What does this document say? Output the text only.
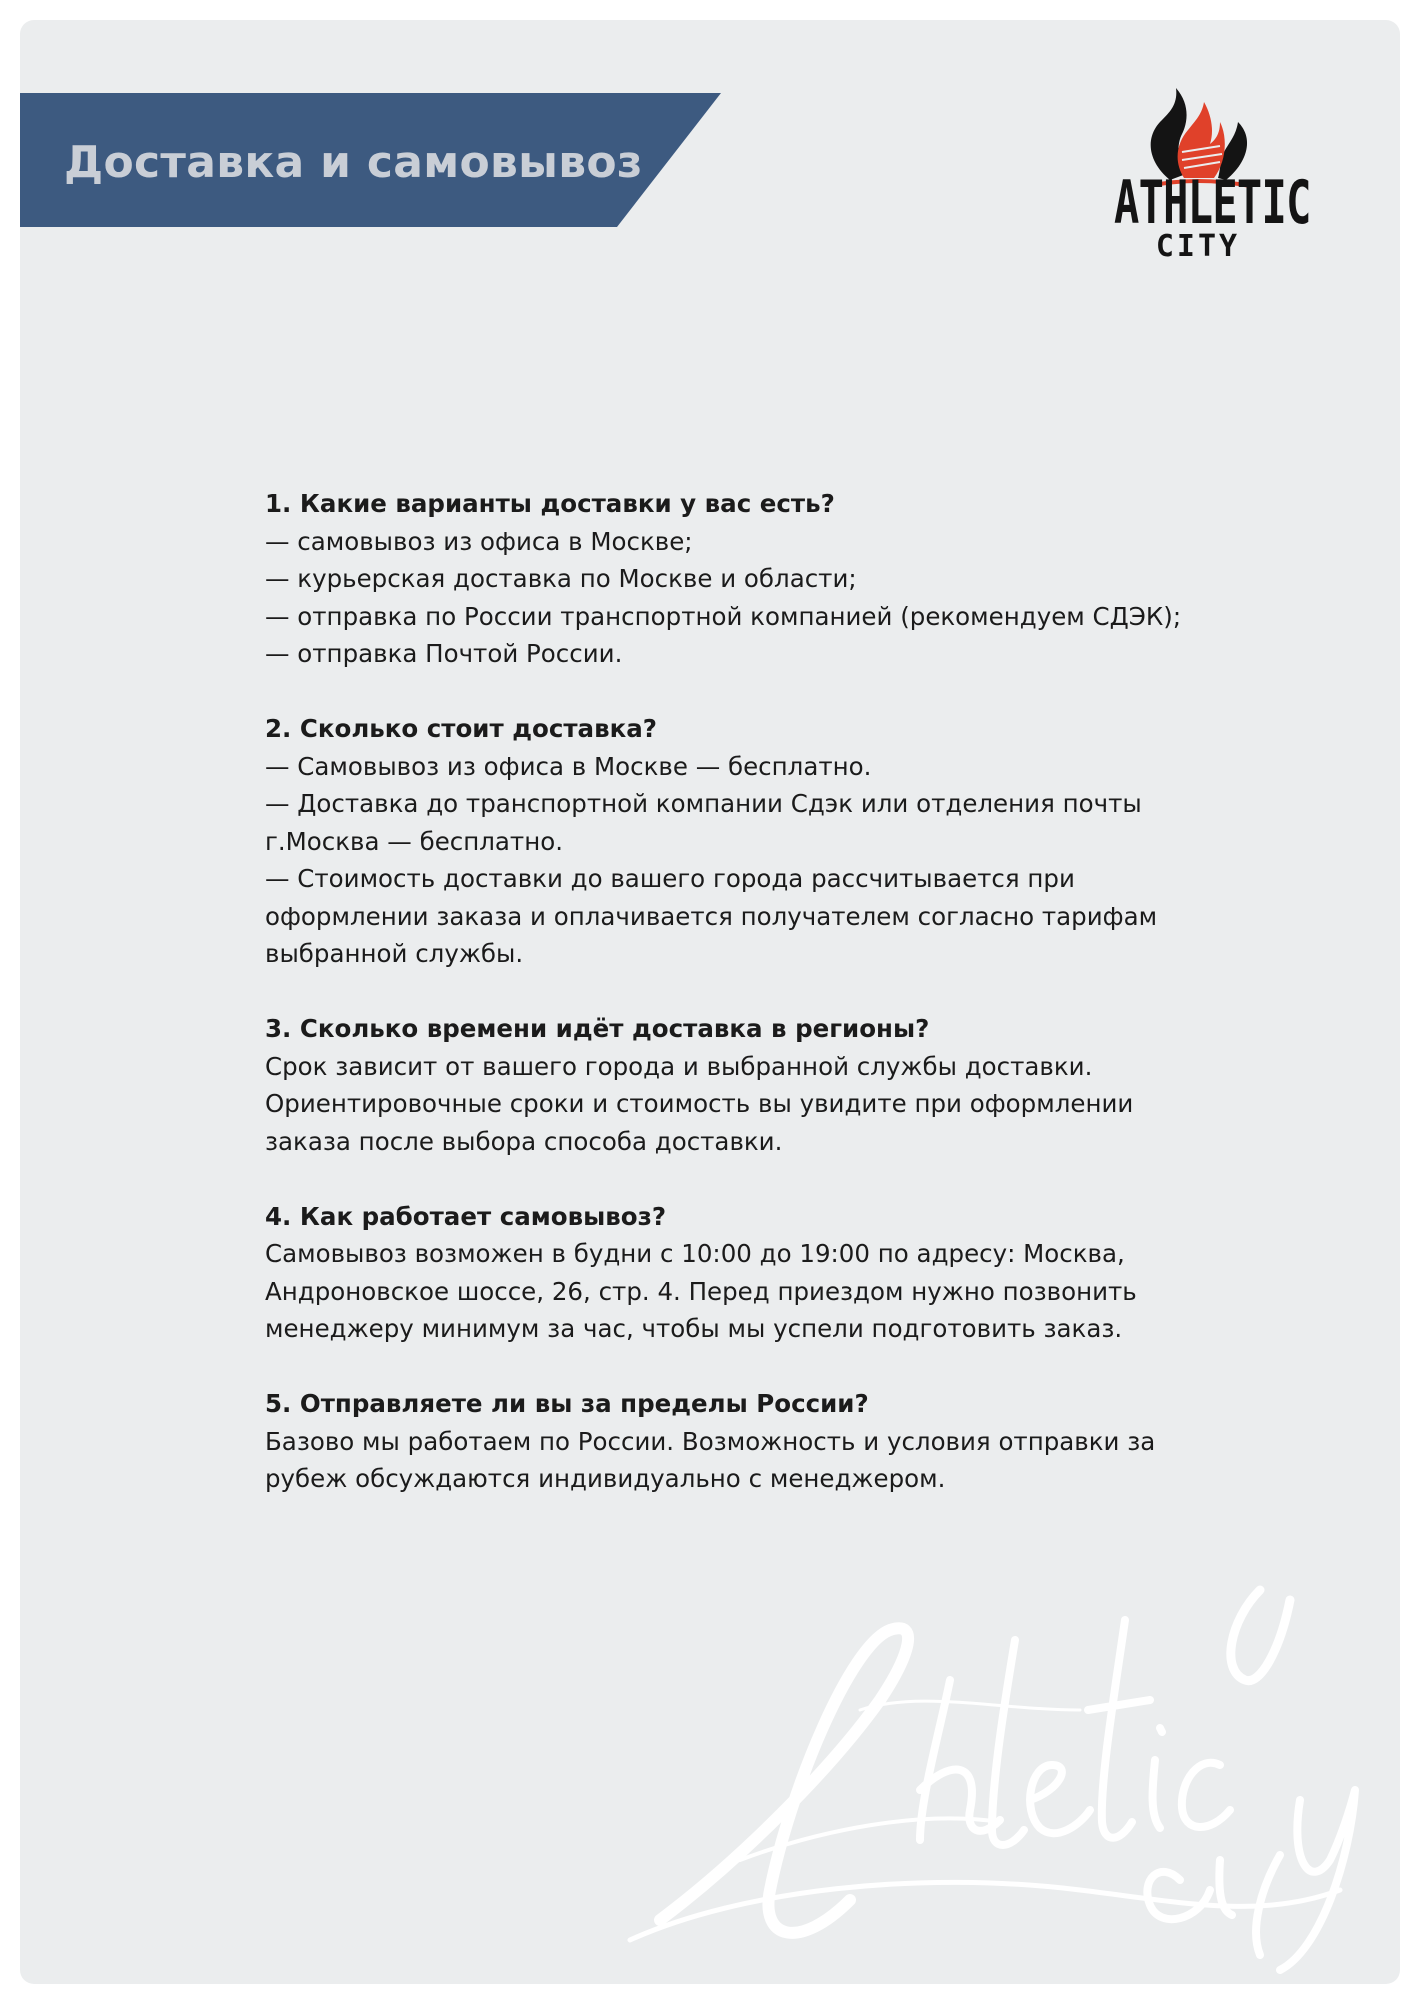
Доставка и самовывоз
ATHLETIC
CITY
1. Какие варианты доставки у вас есть?
— самовывоз из офиса в Москве;
— курьерская доставка по Москве и области;
— отправка по России транспортной компанией (рекомендуем СДЭК);
— отправка Почтой России.
2. Сколько стоит доставка?
— Самовывоз из офиса в Москве — бесплатно.
— Доставка до транспортной компании Сдэк или отделения почты
г.Москва — бесплатно.
— Стоимость доставки до вашего города рассчитывается при
оформлении заказа и оплачивается получателем согласно тарифам
выбранной службы.
3. Сколько времени идёт доставка в регионы?
Срок зависит от вашего города и выбранной службы доставки.
Ориентировочные сроки и стоимость вы увидите при оформлении
заказа после выбора способа доставки.
4. Как работает самовывоз?
Самовывоз возможен в будни с 10:00 до 19:00 по адресу: Москва,
Андроновское шоссе, 26, стр. 4. Перед приездом нужно позвонить
менеджеру минимум за час, чтобы мы успели подготовить заказ.
5. Отправляете ли вы за пределы России?
Базово мы работаем по России. Возможность и условия отправки за
рубеж обсуждаются индивидуально с менеджером.
